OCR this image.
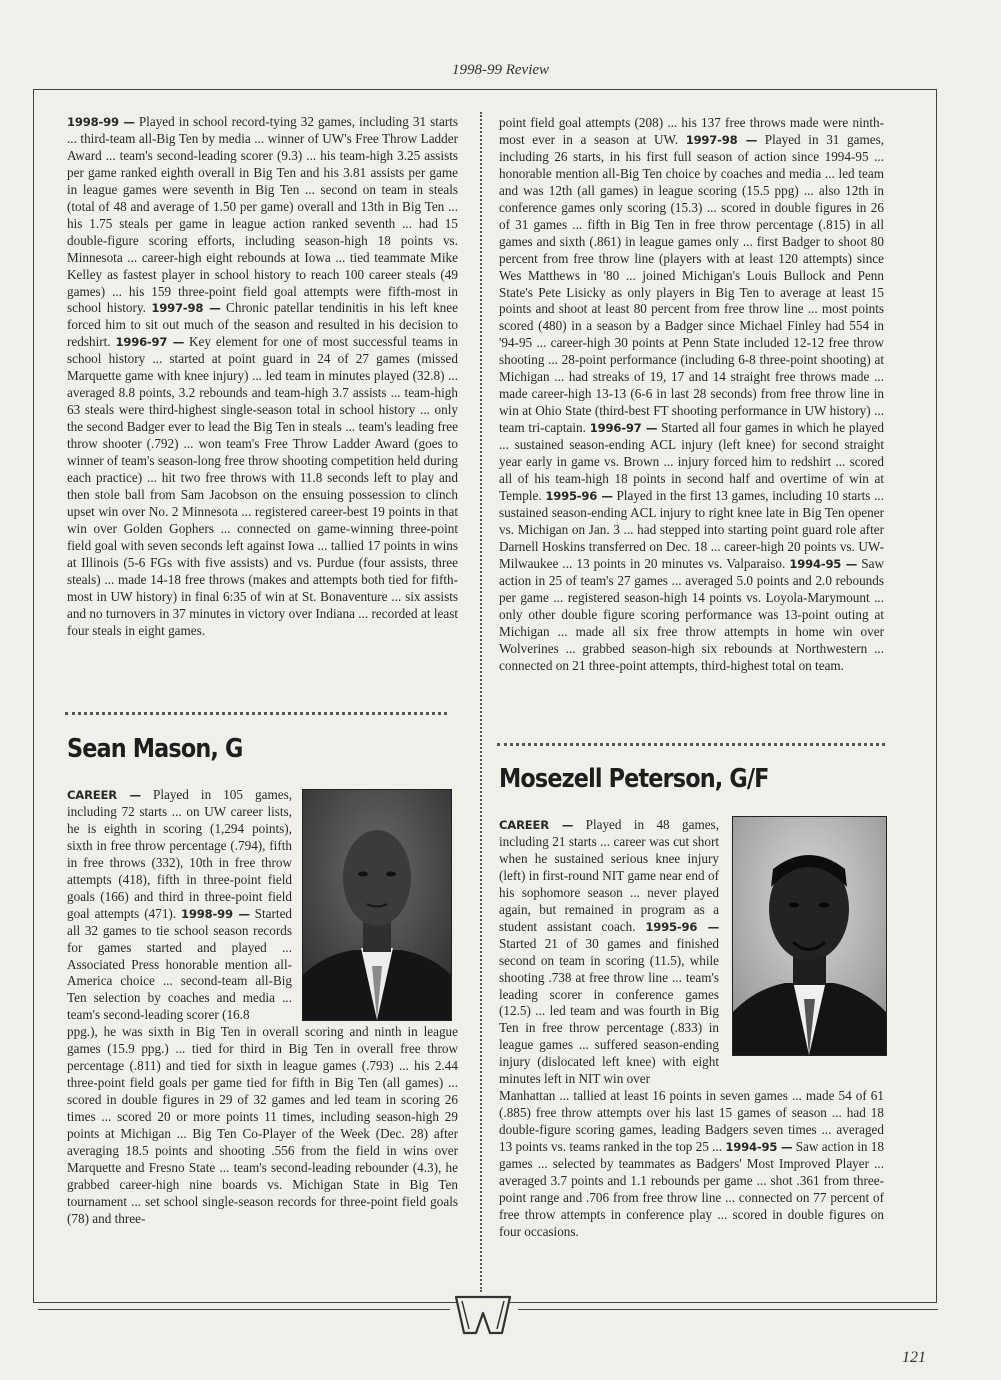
1998-99 Review

1998-99 — Played in school record-tying 32 games, including 31 starts ... third-team all-Big Ten by media ... winner of UW's Free Throw Ladder Award ... team's second-leading scorer (9.3) ... his team-high 3.25 assists per game ranked eighth overall in Big Ten and his 3.81 assists per game in league games were seventh in Big Ten ... second on team in steals (total of 48 and average of 1.50 per game) overall and 13th in Big Ten ... his 1.75 steals per game in league action ranked seventh ... had 15 double-figure scoring efforts, including season-high 18 points vs. Minnesota ... career-high eight rebounds at Iowa ... tied teammate Mike Kelley as fastest player in school history to reach 100 career steals (49 games) ... his 159 three-point field goal attempts were fifth-most in school history. 1997-98 — Chronic patellar tendinitis in his left knee forced him to sit out much of the season and resulted in his decision to redshirt. 1996-97 — Key element for one of most successful teams in school history ... started at point guard in 24 of 27 games (missed Marquette game with knee injury) ... led team in minutes played (32.8) ... averaged 8.8 points, 3.2 rebounds and team-high 3.7 assists ... team-high 63 steals were third-highest single-season total in school history ... only the second Badger ever to lead the Big Ten in steals ... team's leading free throw shooter (.792) ... won team's Free Throw Ladder Award (goes to winner of team's season-long free throw shooting competition held during each practice) ... hit two free throws with 11.8 seconds left to play and then stole ball from Sam Jacobson on the ensuing possession to clinch upset win over No. 2 Minnesota ... registered career-best 19 points in that win over Golden Gophers ... connected on game-winning three-point field goal with seven seconds left against Iowa ... tallied 17 points in wins at Illinois (5-6 FGs with five assists) and vs. Purdue (four assists, three steals) ... made 14-18 free throws (makes and attempts both tied for fifth-most in UW history) in final 6:35 of win at St. Bonaventure ... six assists and no turnovers in 37 minutes in victory over Indiana ... recorded at least four steals in eight games.

Sean Mason, G

CAREER — Played in 105 games, including 72 starts ... on UW career lists, he is eighth in scoring (1,294 points), sixth in free throw percentage (.794), fifth in free throws (332), 10th in free throw attempts (418), fifth in three-point field goals (166) and third in three-point field goal attempts (471). 1998-99 — Started all 32 games to tie school season records for games started and played ... Associated Press honorable mention all-America choice ... second-team all-Big Ten selection by coaches and media ... team's second-leading scorer (16.8

ppg.), he was sixth in Big Ten in overall scoring and ninth in league games (15.9 ppg.) ... tied for third in Big Ten in overall free throw percentage (.811) and tied for sixth in league games (.793) ... his 2.44 three-point field goals per game tied for fifth in Big Ten (all games) ... scored in double figures in 29 of 32 games and led team in scoring 26 times ... scored 20 or more points 11 times, including season-high 29 points at Michigan ... Big Ten Co-Player of the Week (Dec. 28) after averaging 18.5 points and shooting .556 from the field in wins over Marquette and Fresno State ... team's second-leading rebounder (4.3), he grabbed career-high nine boards vs. Michigan State in Big Ten tournament ... set school single-season records for three-point field goals (78) and three-

point field goal attempts (208) ... his 137 free throws made were ninth-most ever in a season at UW. 1997-98 — Played in 31 games, including 26 starts, in his first full season of action since 1994-95 ... honorable mention all-Big Ten choice by coaches and media ... led team and was 12th (all games) in league scoring (15.5 ppg) ... also 12th in conference games only scoring (15.3) ... scored in double figures in 26 of 31 games ... fifth in Big Ten in free throw percentage (.815) in all games and sixth (.861) in league games only ... first Badger to shoot 80 percent from free throw line (players with at least 120 attempts) since Wes Matthews in '80 ... joined Michigan's Louis Bullock and Penn State's Pete Lisicky as only players in Big Ten to average at least 15 points and shoot at least 80 percent from free throw line ... most points scored (480) in a season by a Badger since Michael Finley had 554 in '94-95 ... career-high 30 points at Penn State included 12-12 free throw shooting ... 28-point performance (including 6-8 three-point shooting) at Michigan ... had streaks of 19, 17 and 14 straight free throws made ... made career-high 13-13 (6-6 in last 28 seconds) from free throw line in win at Ohio State (third-best FT shooting performance in UW history) ... team tri-captain. 1996-97 — Started all four games in which he played ... sustained season-ending ACL injury (left knee) for second straight year early in game vs. Brown ... injury forced him to redshirt ... scored all of his team-high 18 points in second half and overtime of win at Temple. 1995-96 — Played in the first 13 games, including 10 starts ... sustained season-ending ACL injury to right knee late in Big Ten opener vs. Michigan on Jan. 3 ... had stepped into starting point guard role after Darnell Hoskins transferred on Dec. 18 ... career-high 20 points vs. UW-Milwaukee ... 13 points in 20 minutes vs. Valparaiso. 1994-95 — Saw action in 25 of team's 27 games ... averaged 5.0 points and 2.0 rebounds per game ... registered season-high 14 points vs. Loyola-Marymount ... only other double figure scoring performance was 13-point outing at Michigan ... made all six free throw attempts in home win over Wolverines ... grabbed season-high six rebounds at Northwestern ... connected on 21 three-point attempts, third-highest total on team.

Mosezell Peterson, G/F

CAREER — Played in 48 games, including 21 starts ... career was cut short when he sustained serious knee injury (left) in first-round NIT game near end of his sophomore season ... never played again, but remained in program as a student assistant coach. 1995-96 — Started 21 of 30 games and finished second on team in scoring (11.5), while shooting .738 at free throw line ... team's leading scorer in conference games (12.5) ... led team and was fourth in Big Ten in free throw percentage (.833) in league games ... suffered season-ending injury (dislocated left knee) with eight minutes left in NIT win over

Manhattan ... tallied at least 16 points in seven games ... made 54 of 61 (.885) free throw attempts over his last 15 games of season ... had 18 double-figure scoring games, leading Badgers seven times ... averaged 13 points vs. teams ranked in the top 25 ... 1994-95 — Saw action in 18 games ... selected by teammates as Badgers' Most Improved Player ... averaged 3.7 points and 1.1 rebounds per game ... shot .361 from three-point range and .706 from free throw line ... connected on 77 percent of free throw attempts in conference play ... scored in double figures on four occasions.

121
